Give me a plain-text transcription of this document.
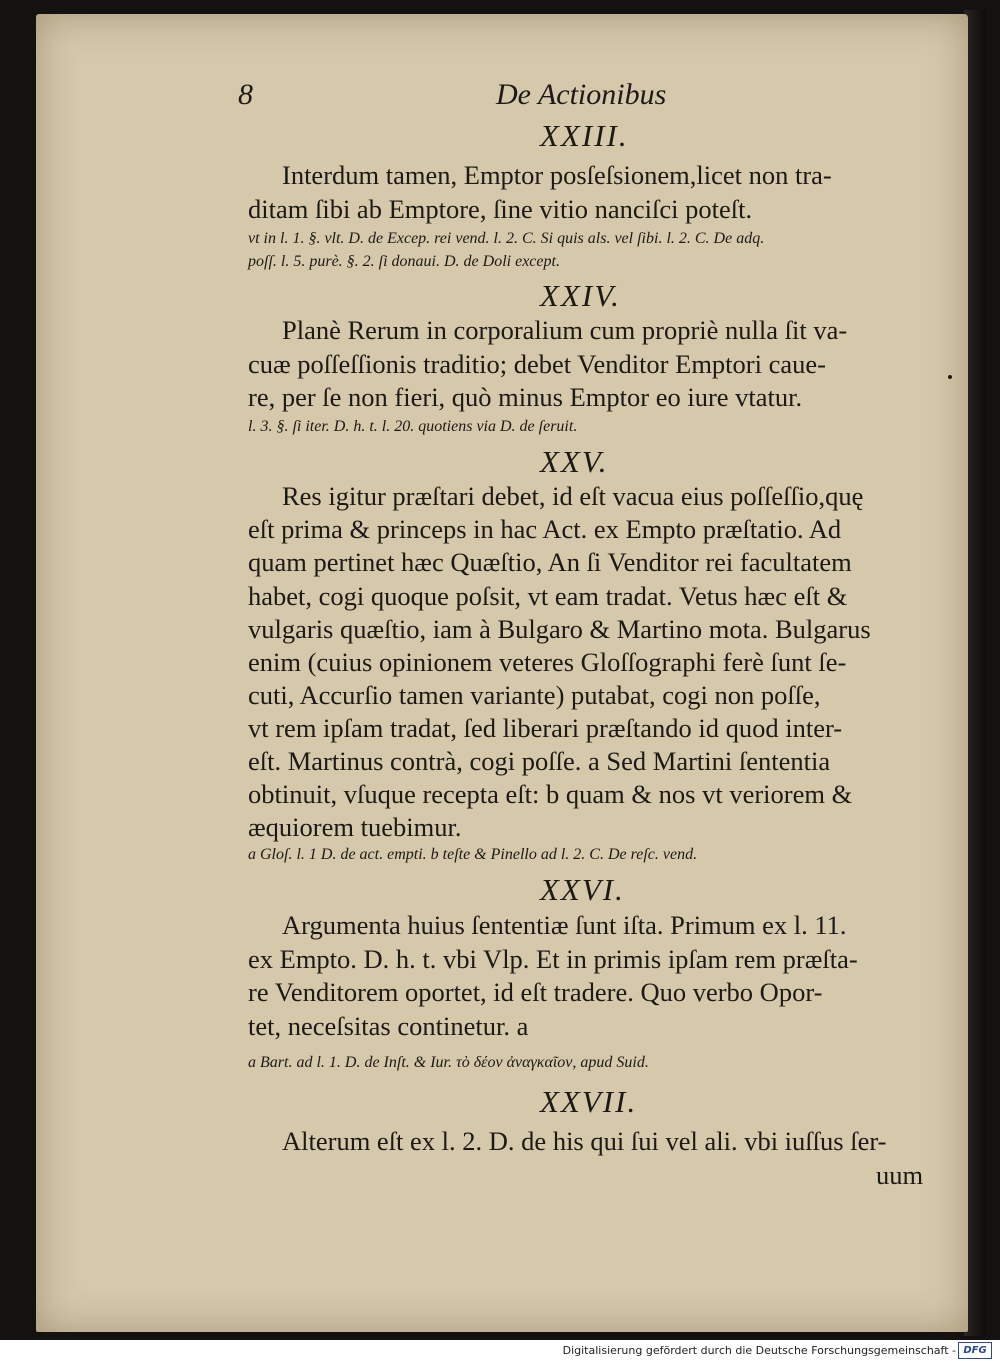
8	De Actionibus
XXIII.
Interdum tamen, Emptor posſeſsionem,licet non tra-
ditam ſibi ab Emptore, ſine vitio nanciſci poteſt.
vt in l. 1. §. vlt. D. de Excep. rei vend. l. 2. C. Si quis als. vel ſibi. l. 2. C. De adq.
poſſ. l. 5. purè. §. 2. ſi donaui. D. de Doli except.
XXIV.
Planè Rerum in corporalium cum propriè nulla ſit va-
cuæ poſſeſſionis traditio; debet Venditor Emptori caue-
re, per ſe non fieri, quò minus Emptor eo iure vtatur.
l. 3. §. ſi iter. D. h. t. l. 20. quotiens via D. de ſeruit.
XXV.
Res igitur præſtari debet, id eſt vacua eius poſſeſſio,quę
eſt prima & princeps in hac Act. ex Empto præſtatio. Ad
quam pertinet hæc Quæſtio, An ſi Venditor rei facultatem
habet, cogi quoque poſsit, vt eam tradat. Vetus hæc eſt &
vulgaris quæſtio, iam à Bulgaro & Martino mota. Bulgarus
enim (cuius opinionem veteres Gloſſographi ferè ſunt ſe-
cuti, Accurſio tamen variante) putabat, cogi non poſſe,
vt rem ipſam tradat, ſed liberari præſtando id quod inter-
eſt. Martinus contrà, cogi poſſe. a Sed Martini ſententia
obtinuit, vſuque recepta eſt: b quam & nos vt veriorem &
æquiorem tuebimur.
a Gloſ. l. 1 D. de act. empti. b teſte & Pinello ad l. 2. C. De reſc. vend.
XXVI.
Argumenta huius ſententiæ ſunt iſta. Primum ex l. 11.
ex Empto. D. h. t. vbi Vlp. Et in primis ipſam rem præſta-
re Venditorem oportet, id eſt tradere. Quo verbo Opor-
tet, neceſsitas continetur. a
a Bart. ad l. 1. D. de Inſt. & Iur. τὸ δέον ἀναγκαῖον, apud Suid.
XXVII.
Alterum eſt ex l. 2. D. de his qui ſui vel ali. vbi iuſſus ſer-
uum
Digitalisierung gefördert durch die Deutsche Forschungsgemeinschaft - DFG
